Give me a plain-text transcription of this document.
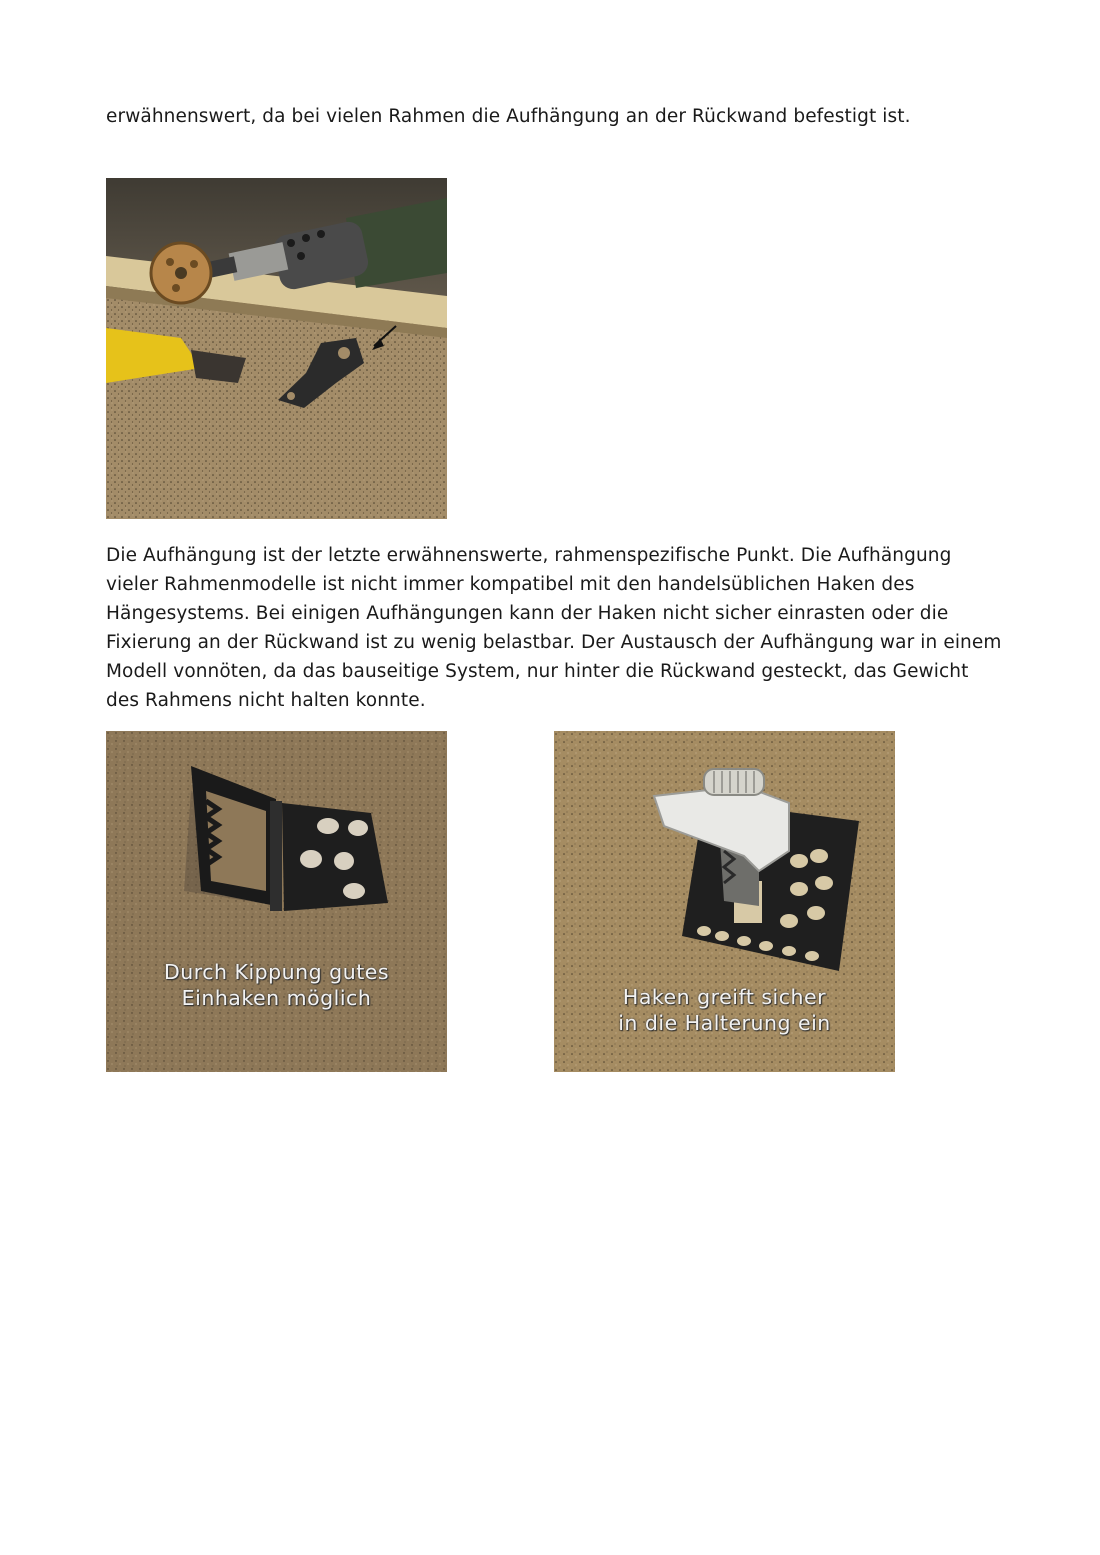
erwähnenswert, da bei vielen Rahmen die Aufhängung an der Rückwand befestigt ist.

Die Aufhängung ist der letzte erwähnenswerte, rahmenspezifische Punkt. Die Aufhängung vieler Rahmenmodelle ist nicht immer kompatibel mit den handelsüblichen Haken des Hängesystems. Bei einigen Aufhängungen kann der Haken nicht sicher einrasten oder die Fixierung an der Rückwand ist zu wenig belastbar. Der Austausch der Aufhängung war in einem Modell vonnöten, da das bauseitige System, nur hinter die Rückwand gesteckt, das Gewicht des Rahmens nicht halten konnte.

Durch Kippung gutes
Einhaken möglich	Haken greift sicher
in die Halterung ein
